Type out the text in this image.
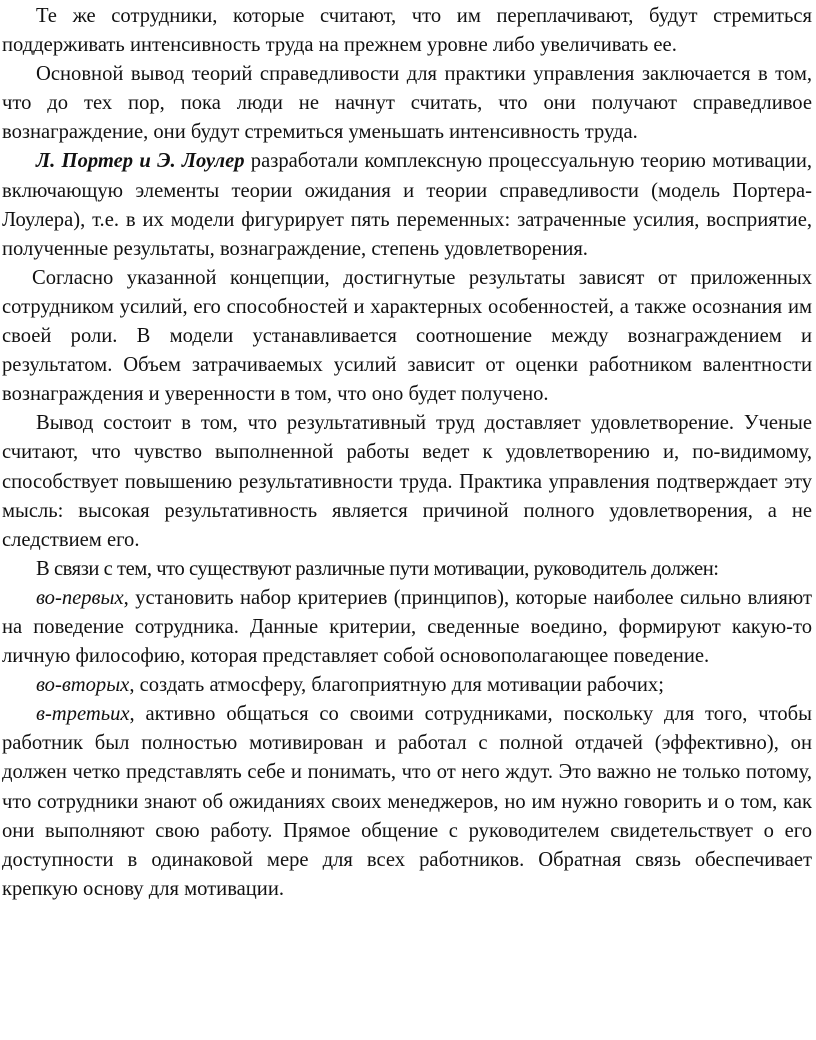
Те же сотрудники, которые считают, что им переплачивают, будут стремиться поддерживать интенсивность труда на прежнем уровне либо увеличивать ее.

Основной вывод теорий справедливости для практики управления заключается в том, что до тех пор, пока люди не начнут считать, что они получают справедливое вознаграждение, они будут стремиться уменьшать интенсивность труда.

Л. Портер и Э. Лоулер разработали комплексную процессуальную теорию мотивации, включающую элементы теории ожидания и теории справедливости (модель Портера-Лоулера), т.е. в их модели фигурирует пять переменных: затраченные усилия, восприятие, полученные результаты, вознаграждение, степень удовлетворения.

Согласно указанной концепции, достигнутые результаты зависят от приложенных сотрудником усилий, его способностей и характерных особенностей, а также осознания им своей роли. В модели устанавливается соотношение между вознаграждением и результатом. Объем затрачиваемых усилий зависит от оценки работником валентности вознаграждения и уверенности в том, что оно будет получено.

Вывод состоит в том, что результативный труд доставляет удовлетворение. Ученые считают, что чувство выполненной работы ведет к удовлетворению и, по-видимому, способствует повышению результативности труда. Практика управления подтверждает эту мысль: высокая результативность является причиной полного удовлетворения, а не следствием его.

В связи с тем, что существуют различные пути мотивации, руководитель должен:

во-первых, установить набор критериев (принципов), которые наиболее сильно влияют на поведение сотрудника. Данные критерии, сведенные воедино, формируют какую-то личную философию, которая представляет собой основополагающее поведение.

во-вторых, создать атмосферу, благоприятную для мотивации рабочих;

в-третьих, активно общаться со своими сотрудниками, поскольку для того, чтобы работник был полностью мотивирован и работал с полной отдачей (эффективно), он должен четко представлять себе и понимать, что от него ждут. Это важно не только потому, что сотрудники знают об ожиданиях своих менеджеров, но им нужно говорить и о том, как они выполняют свою работу. Прямое общение с руководителем свидетельствует о его доступности в одинаковой мере для всех работников. Обратная связь обеспечивает крепкую основу для мотивации.
